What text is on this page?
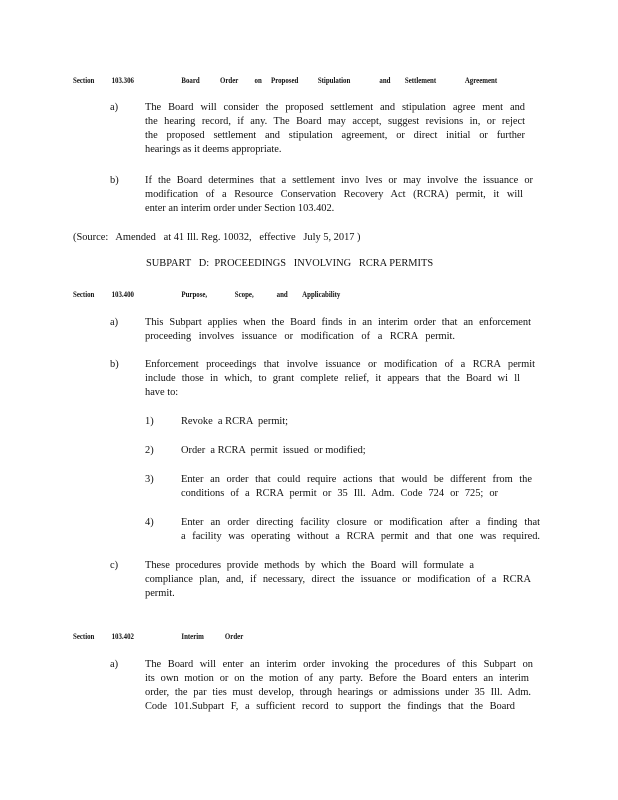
Section 103.306	Board Order on Proposed Stipulation	and Settlement	Agreement
a)	The Board will consider the proposed settlement and stipulation agree ment and
the hearing record, if any. The Board may accept, suggest revisions in, or reject
the proposed settlement and stipulation agreement, or direct initial or further
hearings as it deems appropriate.
b)	If the Board determines that a settlement invo lves or may involve the issuance or
modification of a Resource Conservation Recovery Act (RCRA) permit, it will
enter an interim order under Section 103.402.
(Source:   Amended   at 41 Ill. Reg. 10032,   effective   July 5, 2017 )
SUBPART   D:  PROCEEDINGS   INVOLVING   RCRA PERMITS
Section 103.400	Purpose,	Scope,	and Applicability
a)	This Subpart applies when the Board finds in an interim order that an enforcement
proceeding involves issuance or modification of a RCRA permit.
b)	Enforcement proceedings that involve issuance or modification of a RCRA permit
include those in which, to grant complete relief, it appears that the Board wi ll
have to:
1)	Revoke  a RCRA  permit;
2)	Order  a RCRA  permit  issued  or modified;
3)	Enter an order that could require actions that would be different from the
conditions of a RCRA permit or 35 Ill. Adm. Code 724 or 725; or
4)	Enter an order directing facility closure or modification after a finding that
a facility was operating without a RCRA permit and that one was required.
c)	These procedures provide methods by which the Board will formulate a
compliance plan, and, if necessary, direct the issuance or modification of a RCRA
permit.
Section 103.402	Interim	Order
a)	The Board will enter an interim order invoking the procedures of this Subpart on
its own motion or on the motion of any party. Before the Board enters an interim
order, the par ties must develop, through hearings or admissions under 35 Ill. Adm.
Code 101.Subpart F, a sufficient record to support the findings that the Board
